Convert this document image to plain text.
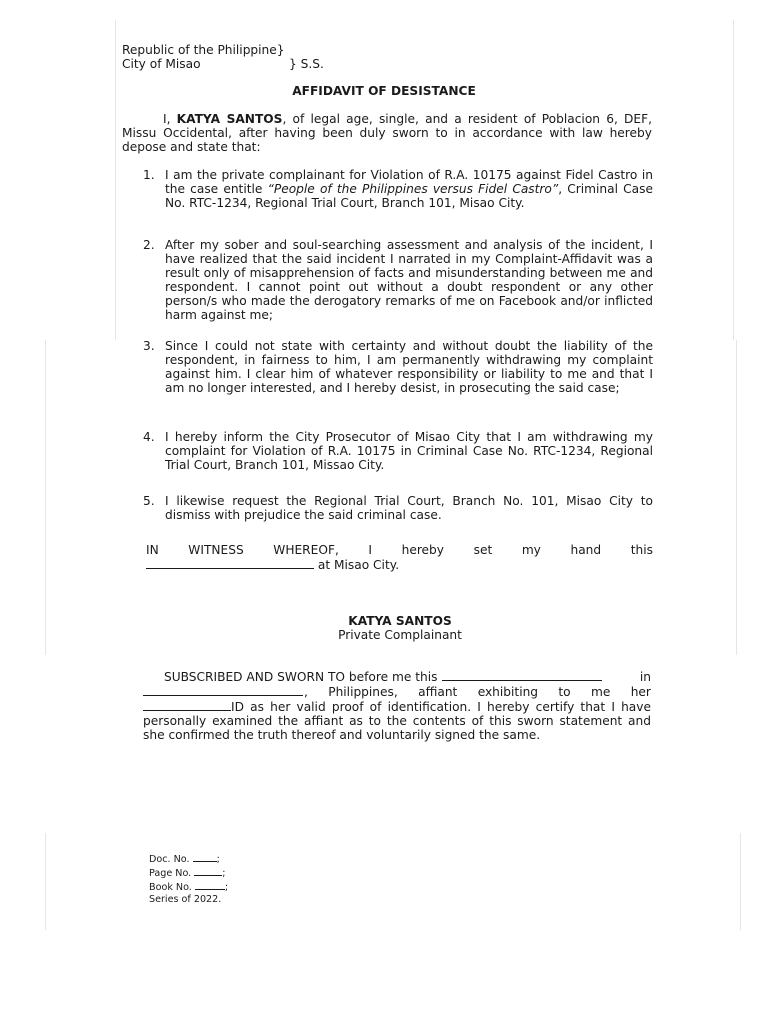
Republic of the Philippine}
City of Misao	} S.S.
AFFIDAVIT OF DESISTANCE
I, KATYA SANTOS, of legal age, single, and a resident of Poblacion 6, DEF, Missu Occidental, after having been duly sworn to in accordance with law hereby depose and state that:
1. I am the private complainant for Violation of R.A. 10175 against Fidel Castro in the case entitle “People of the Philippines versus Fidel Castro”, Criminal Case No. RTC-1234, Regional Trial Court, Branch 101, Misao City.
2. After my sober and soul-searching assessment and analysis of the incident, I have realized that the said incident I narrated in my Complaint-Affidavit was a result only of misapprehension of facts and misunderstanding between me and respondent. I cannot point out without a doubt respondent or any other person/s who made the derogatory remarks of me on Facebook and/or inflicted harm against me;
3. Since I could not state with certainty and without doubt the liability of the respondent, in fairness to him, I am permanently withdrawing my complaint against him. I clear him of whatever responsibility or liability to me and that I am no longer interested, and I hereby desist, in prosecuting the said case;
4. I hereby inform the City Prosecutor of Misao City that I am withdrawing my complaint for Violation of R.A. 10175 in Criminal Case No. RTC-1234, Regional Trial Court, Branch 101, Missao City.
5. I likewise request the Regional Trial Court, Branch No. 101, Misao City to dismiss with prejudice the said criminal case.
IN WITNESS WHEREOF, I hereby set my hand this
at Misao City.
KATYA SANTOS
Private Complainant
SUBSCRIBED AND SWORN TO before me this	in
, Philippines, affiant exhibiting to me her
ID as her valid proof of identification. I hereby certify that I have personally examined the affiant as to the contents of this sworn statement and she confirmed the truth thereof and voluntarily signed the same.
Doc. No.	;
Page No.	;
Book No.	;
Series of 2022.
